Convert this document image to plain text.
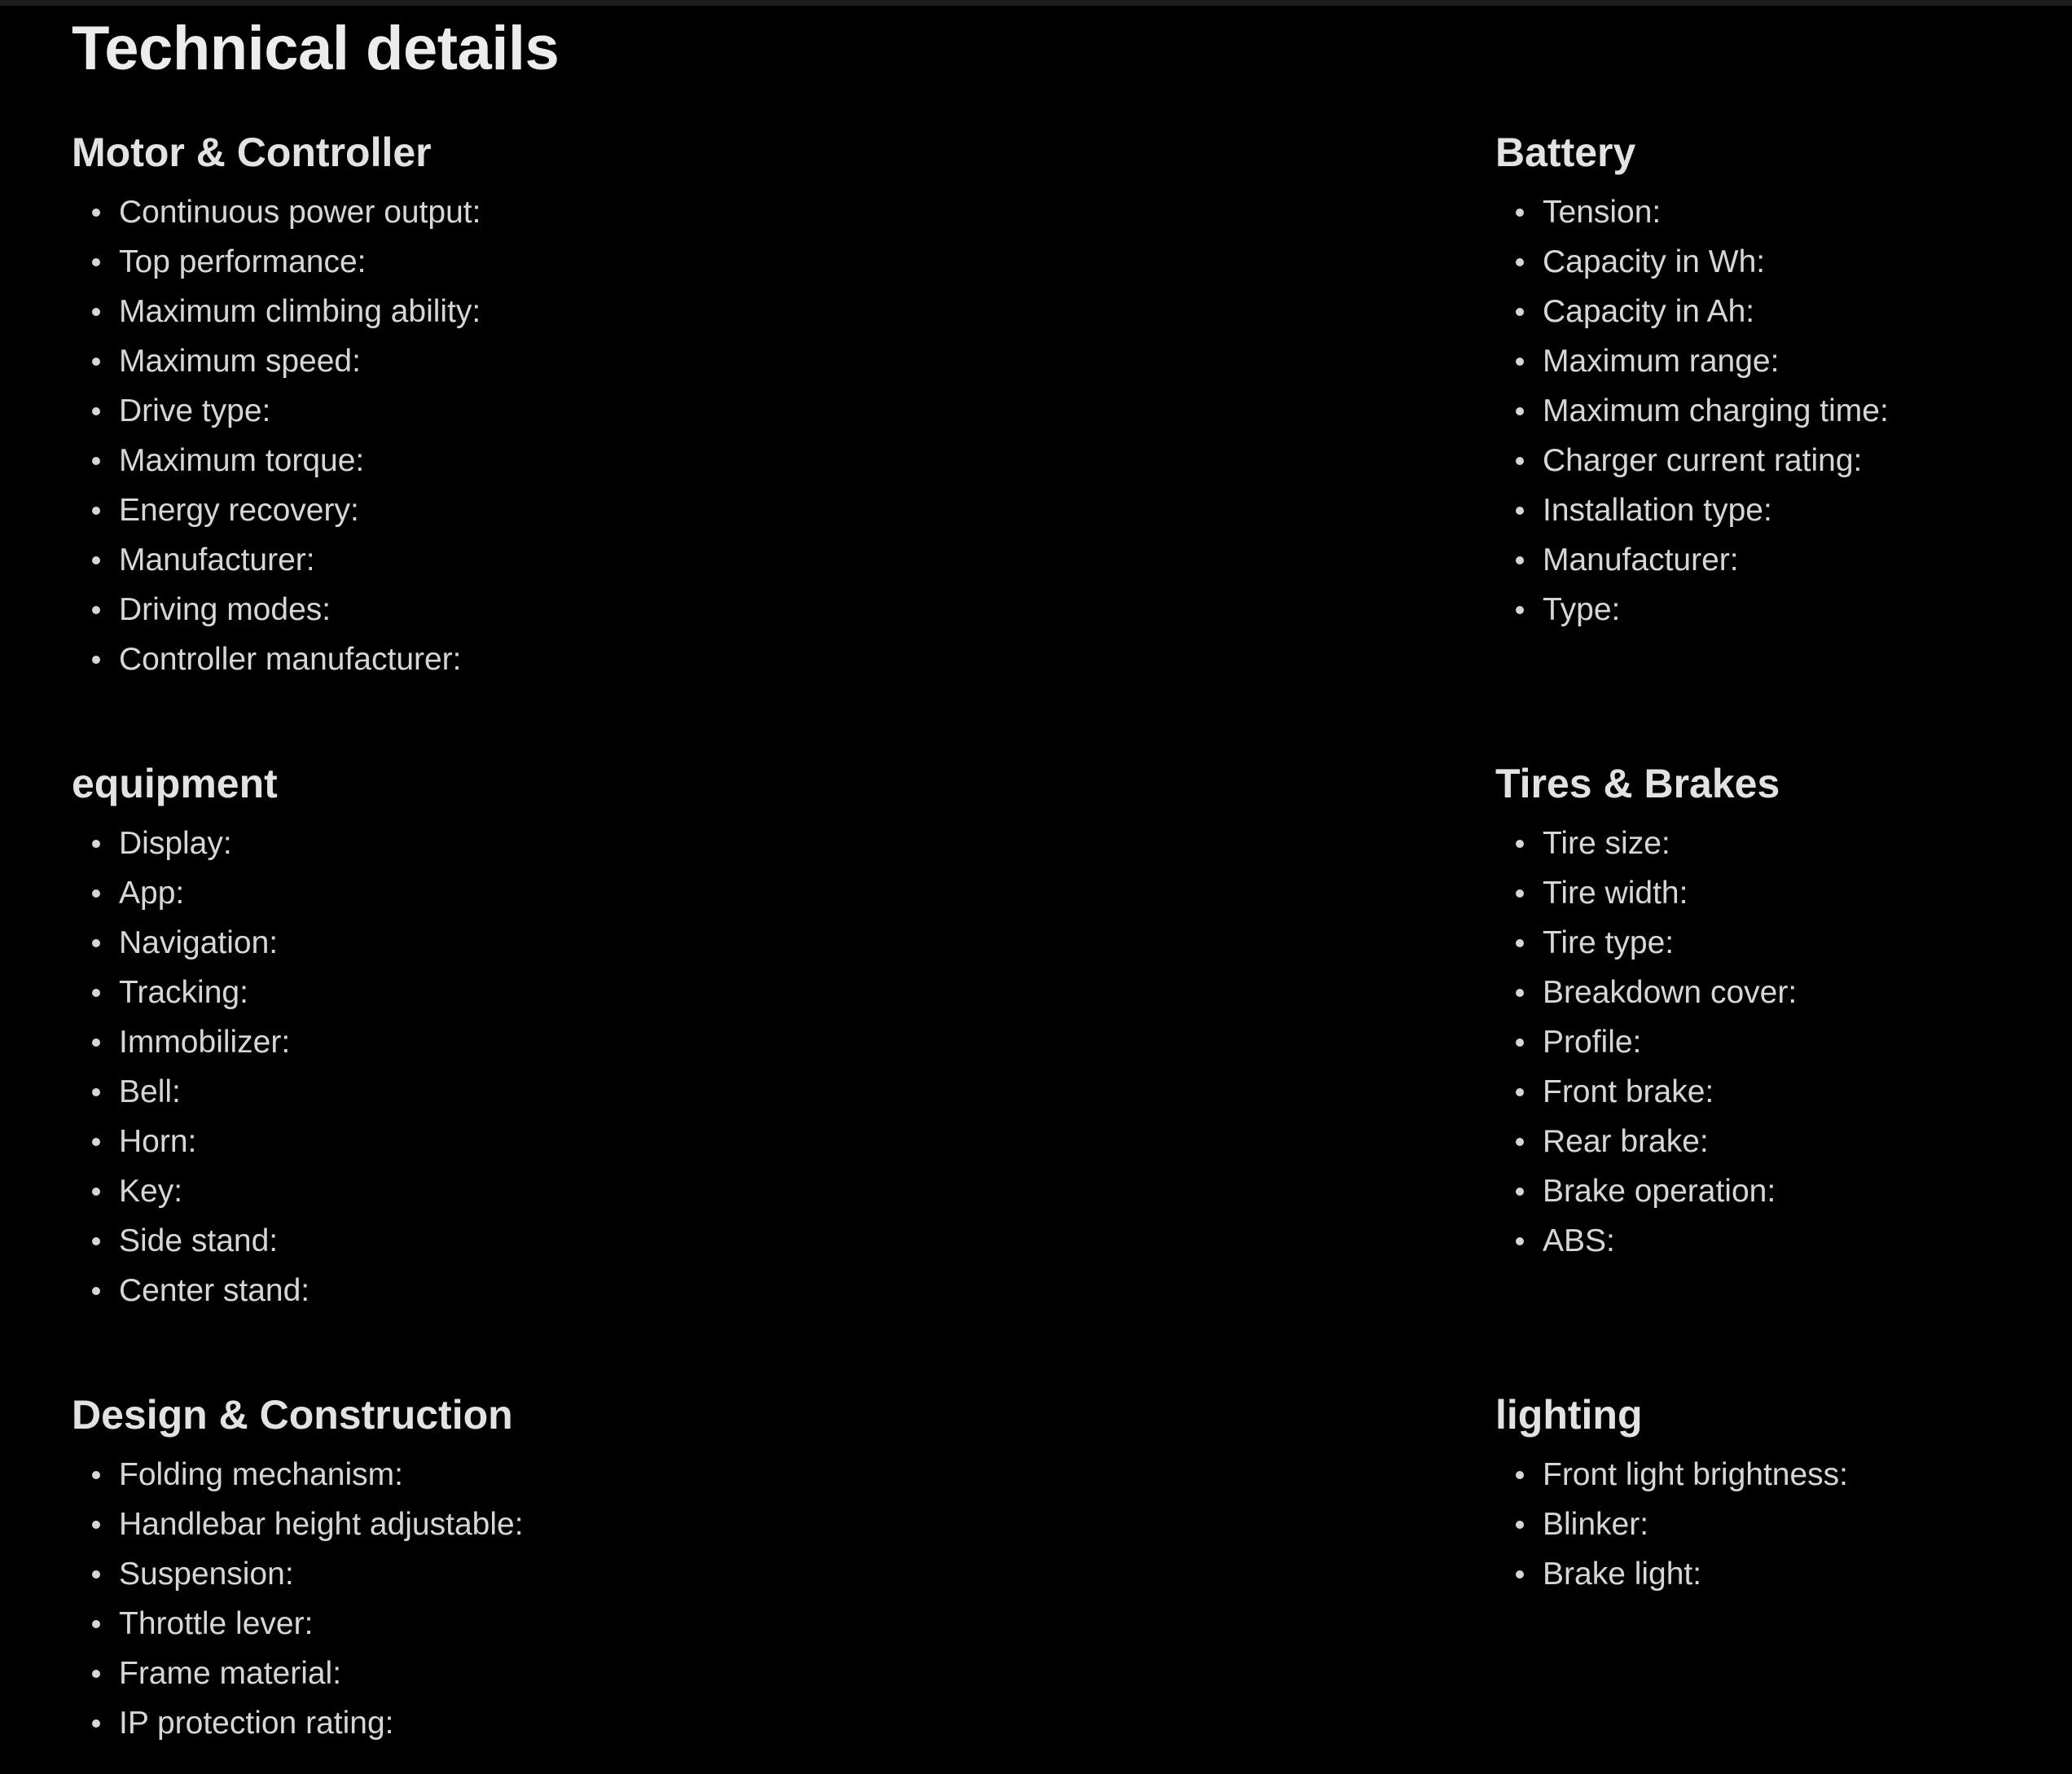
Technical details
Motor & Controller
Continuous power output:
Top performance:
Maximum climbing ability:
Maximum speed:
Drive type:
Maximum torque:
Energy recovery:
Manufacturer:
Driving modes:
Controller manufacturer:
Battery
Tension:
Capacity in Wh:
Capacity in Ah:
Maximum range:
Maximum charging time:
Charger current rating:
Installation type:
Manufacturer:
Type:
equipment
Display:
App:
Navigation:
Tracking:
Immobilizer:
Bell:
Horn:
Key:
Side stand:
Center stand:
Tires & Brakes
Tire size:
Tire width:
Tire type:
Breakdown cover:
Profile:
Front brake:
Rear brake:
Brake operation:
ABS:
Design & Construction
Folding mechanism:
Handlebar height adjustable:
Suspension:
Throttle lever:
Frame material:
IP protection rating:
lighting
Front light brightness:
Blinker:
Brake light:
